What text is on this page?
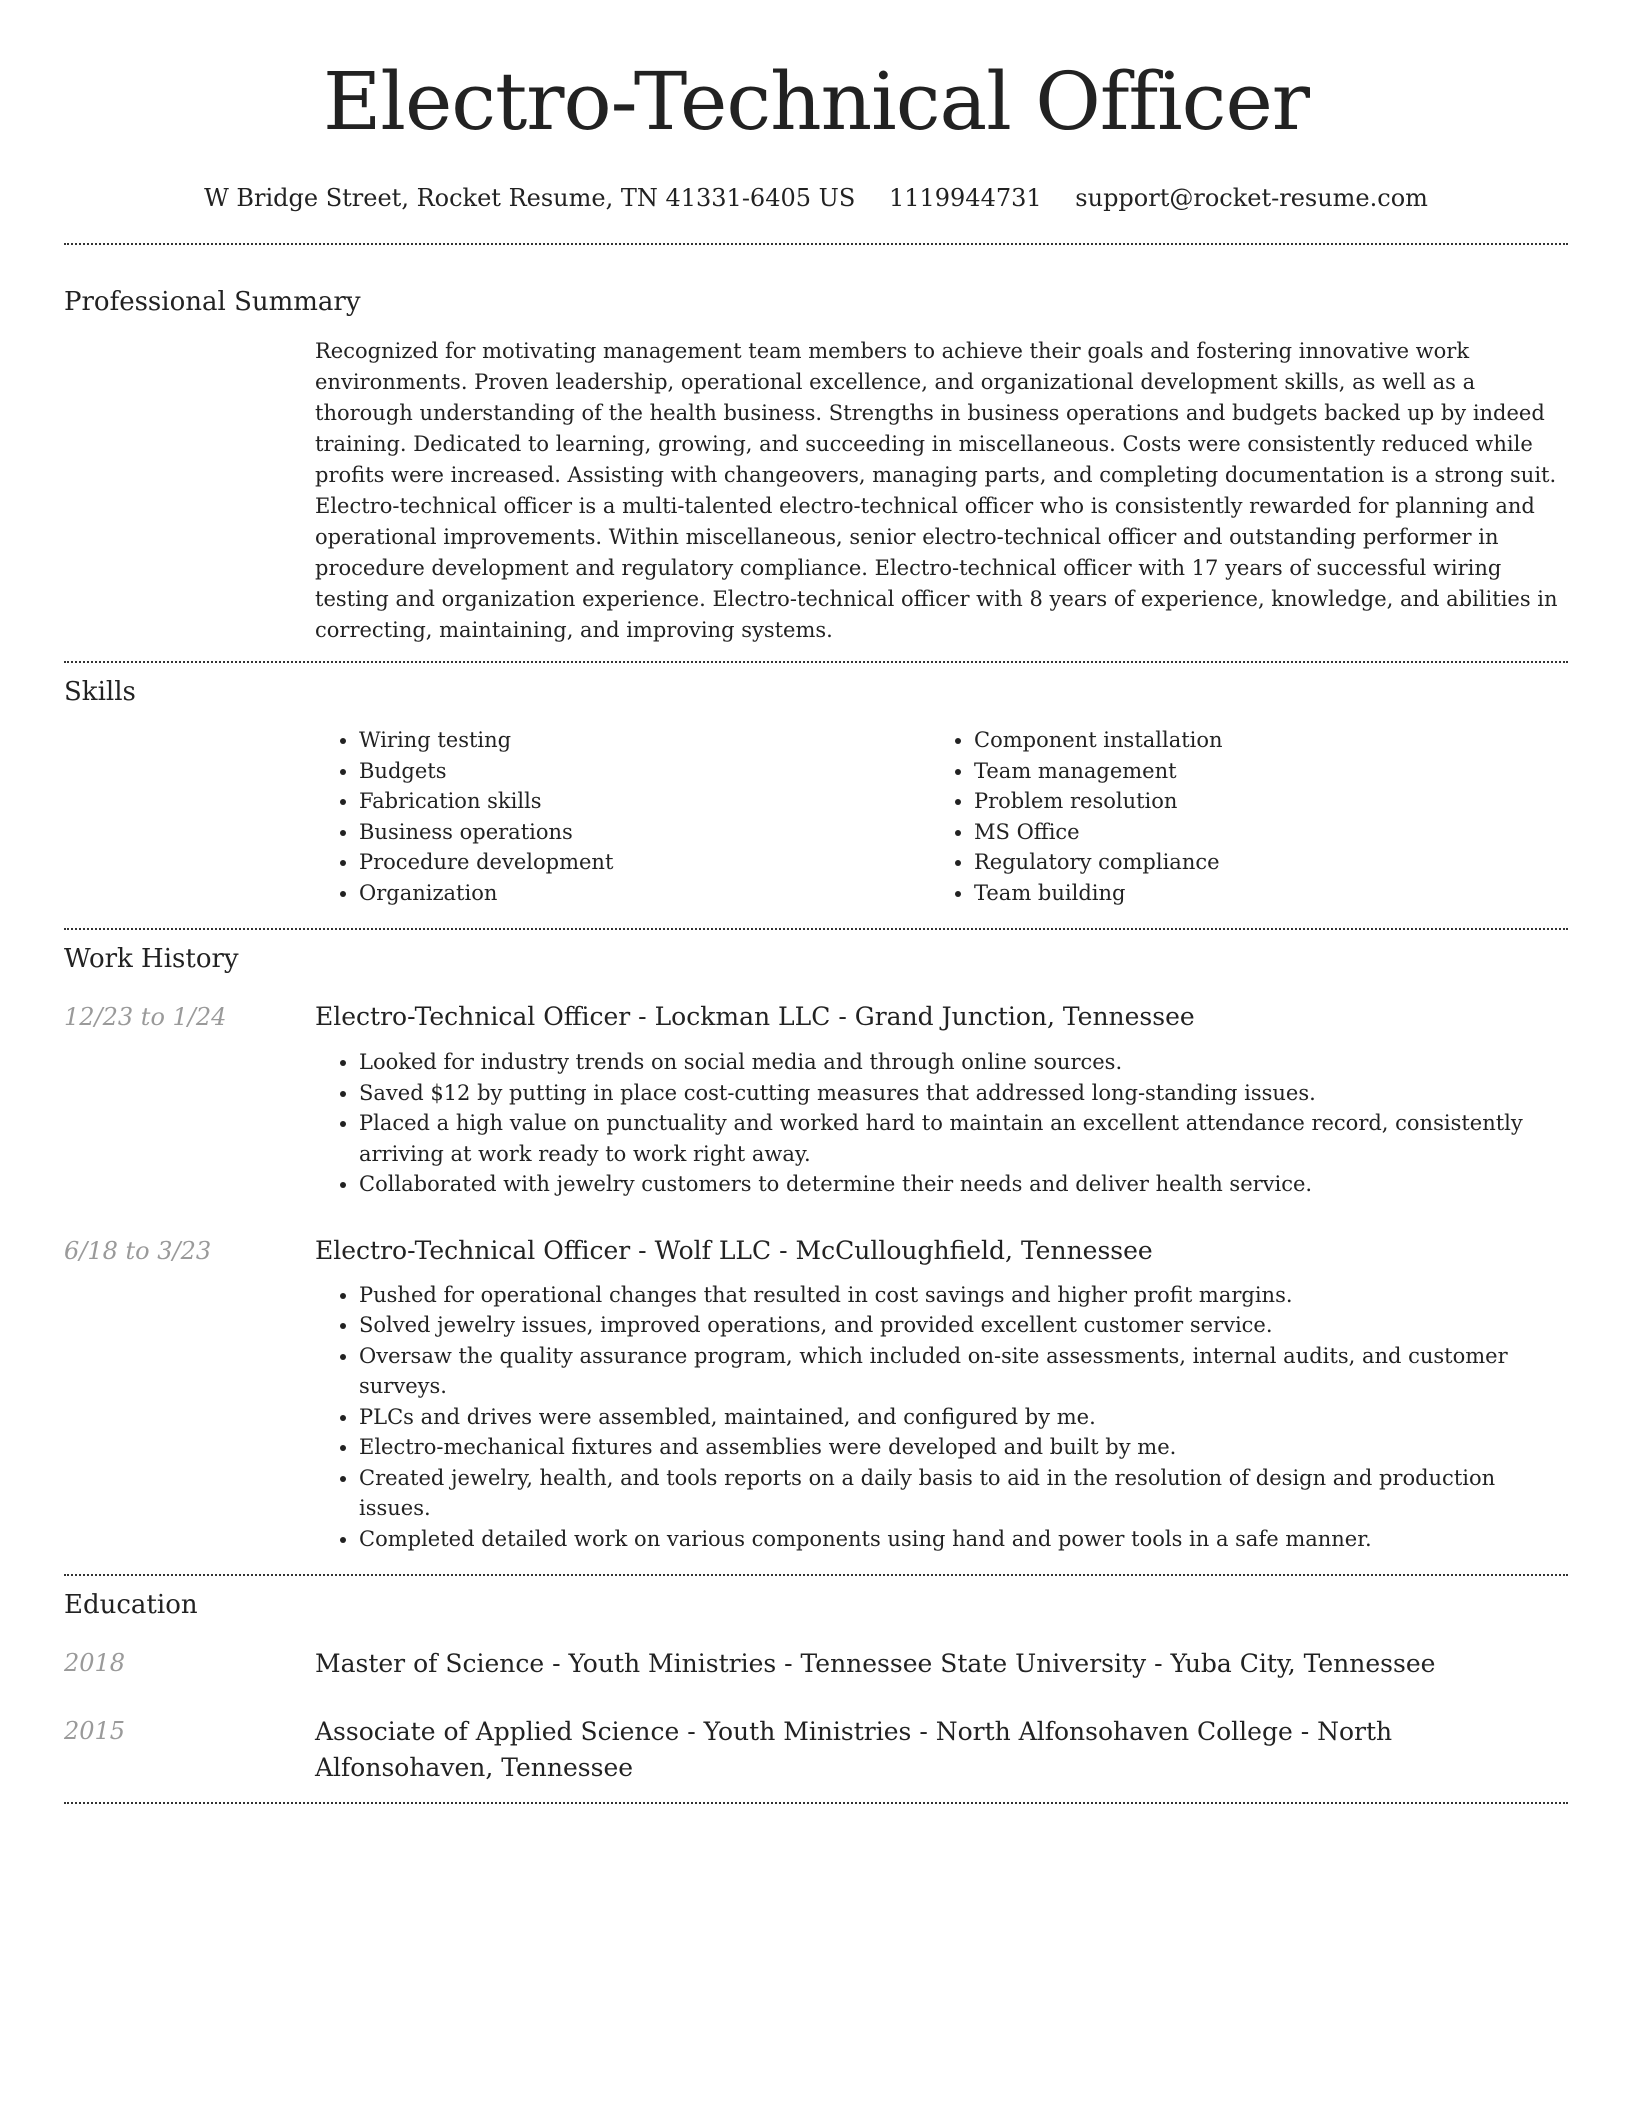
Electro-Technical Officer
W Bridge Street, Rocket Resume, TN 41331-6405 US 1119944731 support@rocket-resume.com
Professional Summary
Recognized for motivating management team members to achieve their goals and fostering innovative work environments. Proven leadership, operational excellence, and organizational development skills, as well as a thorough understanding of the health business. Strengths in business operations and budgets backed up by indeed training. Dedicated to learning, growing, and succeeding in miscellaneous. Costs were consistently reduced while profits were increased. Assisting with changeovers, managing parts, and completing documentation is a strong suit. Electro-technical officer is a multi-talented electro-technical officer who is consistently rewarded for planning and operational improvements. Within miscellaneous, senior electro-technical officer and outstanding performer in procedure development and regulatory compliance. Electro-technical officer with 17 years of successful wiring testing and organization experience. Electro-technical officer with 8 years of experience, knowledge, and abilities in correcting, maintaining, and improving systems.
Skills
• Wiring testing
• Budgets
• Fabrication skills
• Business operations
• Procedure development
• Organization
• Component installation
• Team management
• Problem resolution
• MS Office
• Regulatory compliance
• Team building
Work History
12/23 to 1/24	Electro-Technical Officer - Lockman LLC - Grand Junction, Tennessee
• Looked for industry trends on social media and through online sources.
• Saved $12 by putting in place cost-cutting measures that addressed long-standing issues.
• Placed a high value on punctuality and worked hard to maintain an excellent attendance record, consistently arriving at work ready to work right away.
• Collaborated with jewelry customers to determine their needs and deliver health service.
6/18 to 3/23	Electro-Technical Officer - Wolf LLC - McCulloughfield, Tennessee
• Pushed for operational changes that resulted in cost savings and higher profit margins.
• Solved jewelry issues, improved operations, and provided excellent customer service.
• Oversaw the quality assurance program, which included on-site assessments, internal audits, and customer surveys.
• PLCs and drives were assembled, maintained, and configured by me.
• Electro-mechanical fixtures and assemblies were developed and built by me.
• Created jewelry, health, and tools reports on a daily basis to aid in the resolution of design and production issues.
• Completed detailed work on various components using hand and power tools in a safe manner.
Education
2018	Master of Science - Youth Ministries - Tennessee State University - Yuba City, Tennessee
2015	Associate of Applied Science - Youth Ministries - North Alfonsohaven College - North Alfonsohaven, Tennessee
